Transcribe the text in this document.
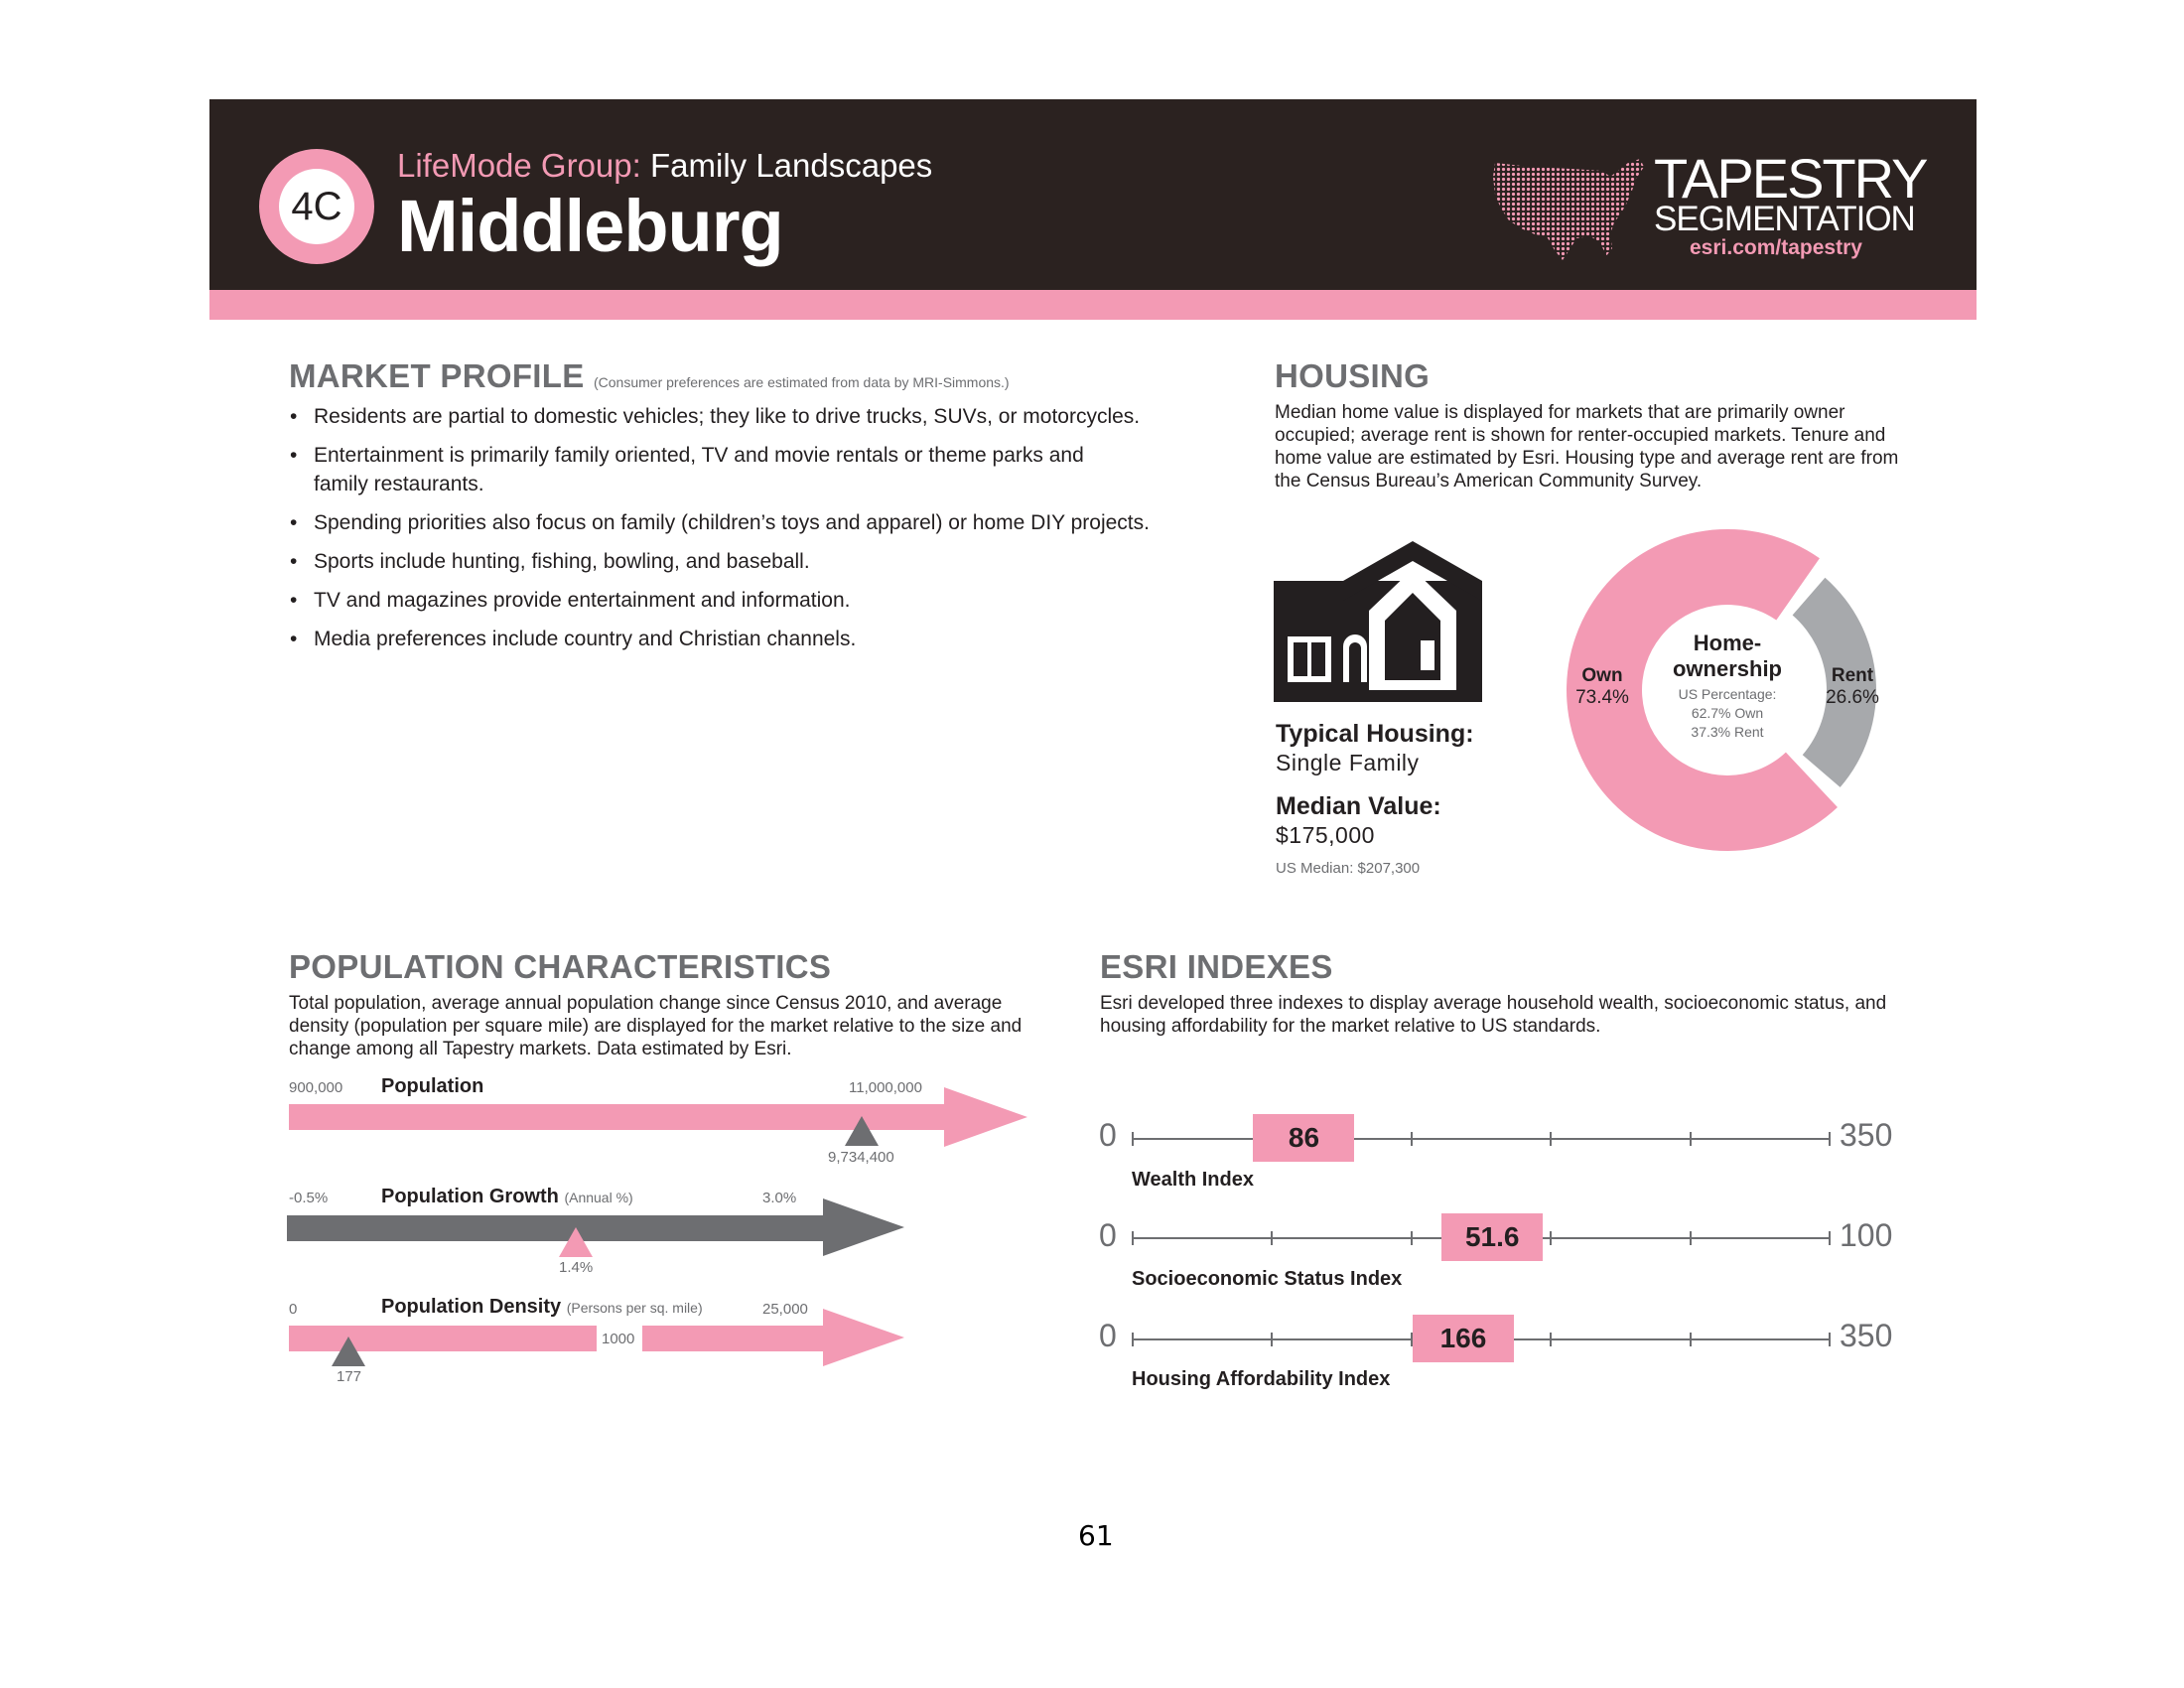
4C
LifeMode Group: Family Landscapes
Middleburg
TAPESTRY
SEGMENTATION
esri.com/tapestry
MARKET PROFILE (Consumer preferences are estimated from data by MRI-Simmons.)
• Residents are partial to domestic vehicles; they like to drive trucks, SUVs, or motorcycles.
• Entertainment is primarily family oriented, TV and movie rentals or theme parks and family restaurants.
• Spending priorities also focus on family (children’s toys and apparel) or home DIY projects.
• Sports include hunting, fishing, bowling, and baseball.
• TV and magazines provide entertainment and information.
• Media preferences include country and Christian channels.
HOUSING
Median home value is displayed for markets that are primarily owner occupied; average rent is shown for renter-occupied markets. Tenure and home value are estimated by Esri. Housing type and average rent are from the Census Bureau’s American Community Survey.
Typical Housing:
Single Family
Median Value:
$175,000
US Median: $207,300
Home-
ownership
US Percentage:
62.7% Own
37.3% Rent
Own
73.4%
Rent
26.6%
POPULATION CHARACTERISTICS
Total population, average annual population change since Census 2010, and average density (population per square mile) are displayed for the market relative to the size and change among all Tapestry markets. Data estimated by Esri.
900,000 Population	11,000,000
9,734,400
-0.5%	Population Growth (Annual %)	3.0%
1.4%
0	Population Density (Persons per sq. mile)	25,000
1000
177
ESRI INDEXES
Esri developed three indexes to display average household wealth, socioeconomic status, and housing affordability for the market relative to US standards.
0	350
86
Wealth Index
0	100
51.6
Socioeconomic Status Index
0	350
166
Housing Affordability Index
61
